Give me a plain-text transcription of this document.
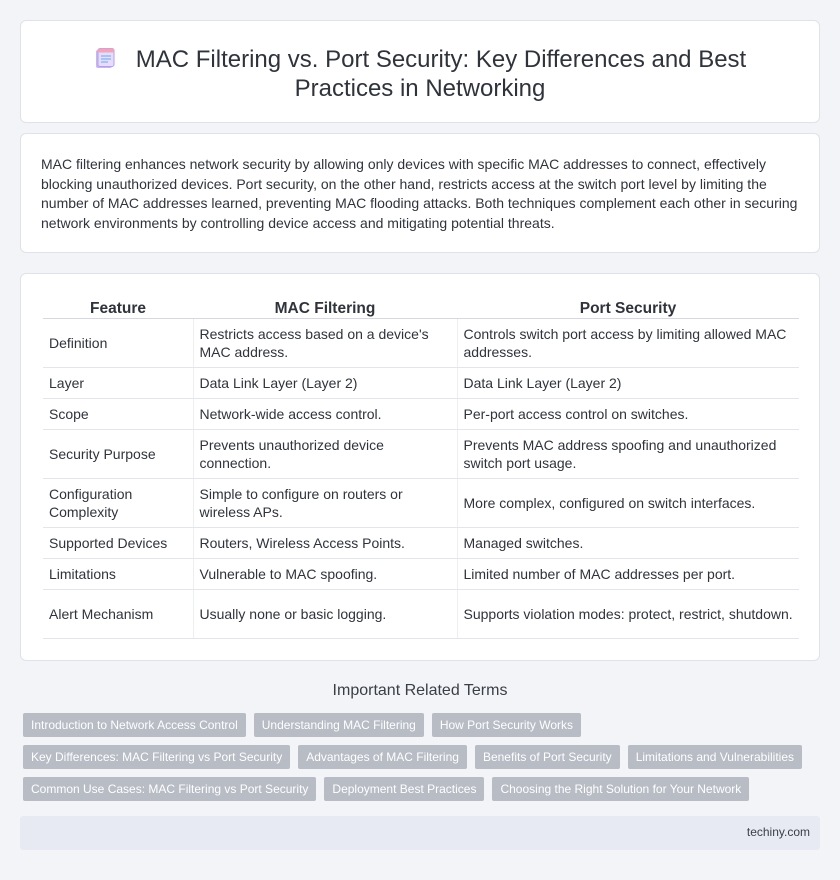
MAC Filtering vs. Port Security: Key Differences and Best Practices in Networking

MAC filtering enhances network security by allowing only devices with specific MAC addresses to connect, effectively blocking unauthorized devices. Port security, on the other hand, restricts access at the switch port level by limiting the number of MAC addresses learned, preventing MAC flooding attacks. Both techniques complement each other in securing network environments by controlling device access and mitigating potential threats.

Feature	MAC Filtering	Port Security
Definition	Restricts access based on a device's MAC address.	Controls switch port access by limiting allowed MAC addresses.
Layer	Data Link Layer (Layer 2)	Data Link Layer (Layer 2)
Scope	Network-wide access control.	Per-port access control on switches.
Security Purpose	Prevents unauthorized device connection.	Prevents MAC address spoofing and unauthorized switch port usage.
Configuration Complexity	Simple to configure on routers or wireless APs.	More complex, configured on switch interfaces.
Supported Devices	Routers, Wireless Access Points.	Managed switches.
Limitations	Vulnerable to MAC spoofing.	Limited number of MAC addresses per port.
Alert Mechanism	Usually none or basic logging.	Supports violation modes: protect, restrict, shutdown.
Important Related Terms
Introduction to Network Access Control	Understanding MAC Filtering	How Port Security Works
Key Differences: MAC Filtering vs Port Security	Advantages of MAC Filtering	Benefits of Port Security	Limitations and Vulnerabilities
Common Use Cases: MAC Filtering vs Port Security	Deployment Best Practices	Choosing the Right Solution for Your Network
techiny.com
